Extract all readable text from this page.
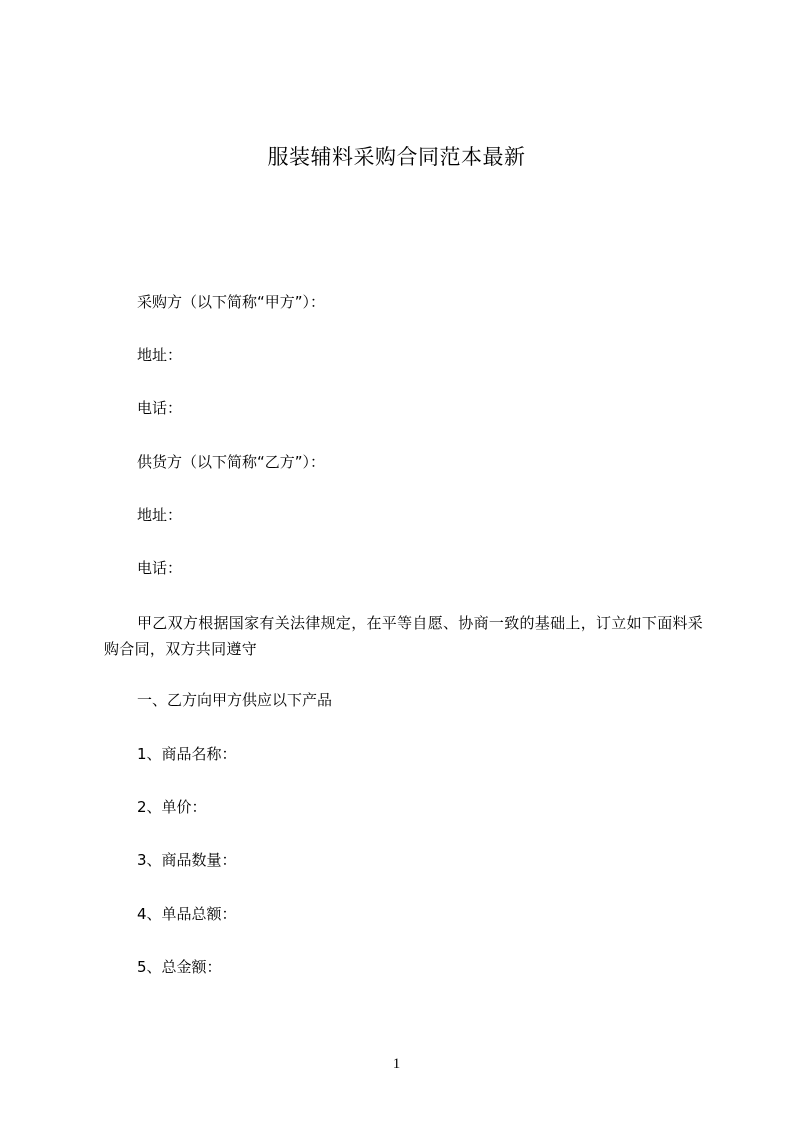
服装辅料采购合同范本最新
采购方（以下简称“甲方”）：
地址：
电话：
供货方（以下简称“乙方”）：
地址：
电话：
甲乙双方根据国家有关法律规定，在平等自愿、协商一致的基础上，订立如下面料采购合同，双方共同遵守
一、乙方向甲方供应以下产品
1、商品名称：
2、单价：
3、商品数量：
4、单品总额：
5、总金额：
1
